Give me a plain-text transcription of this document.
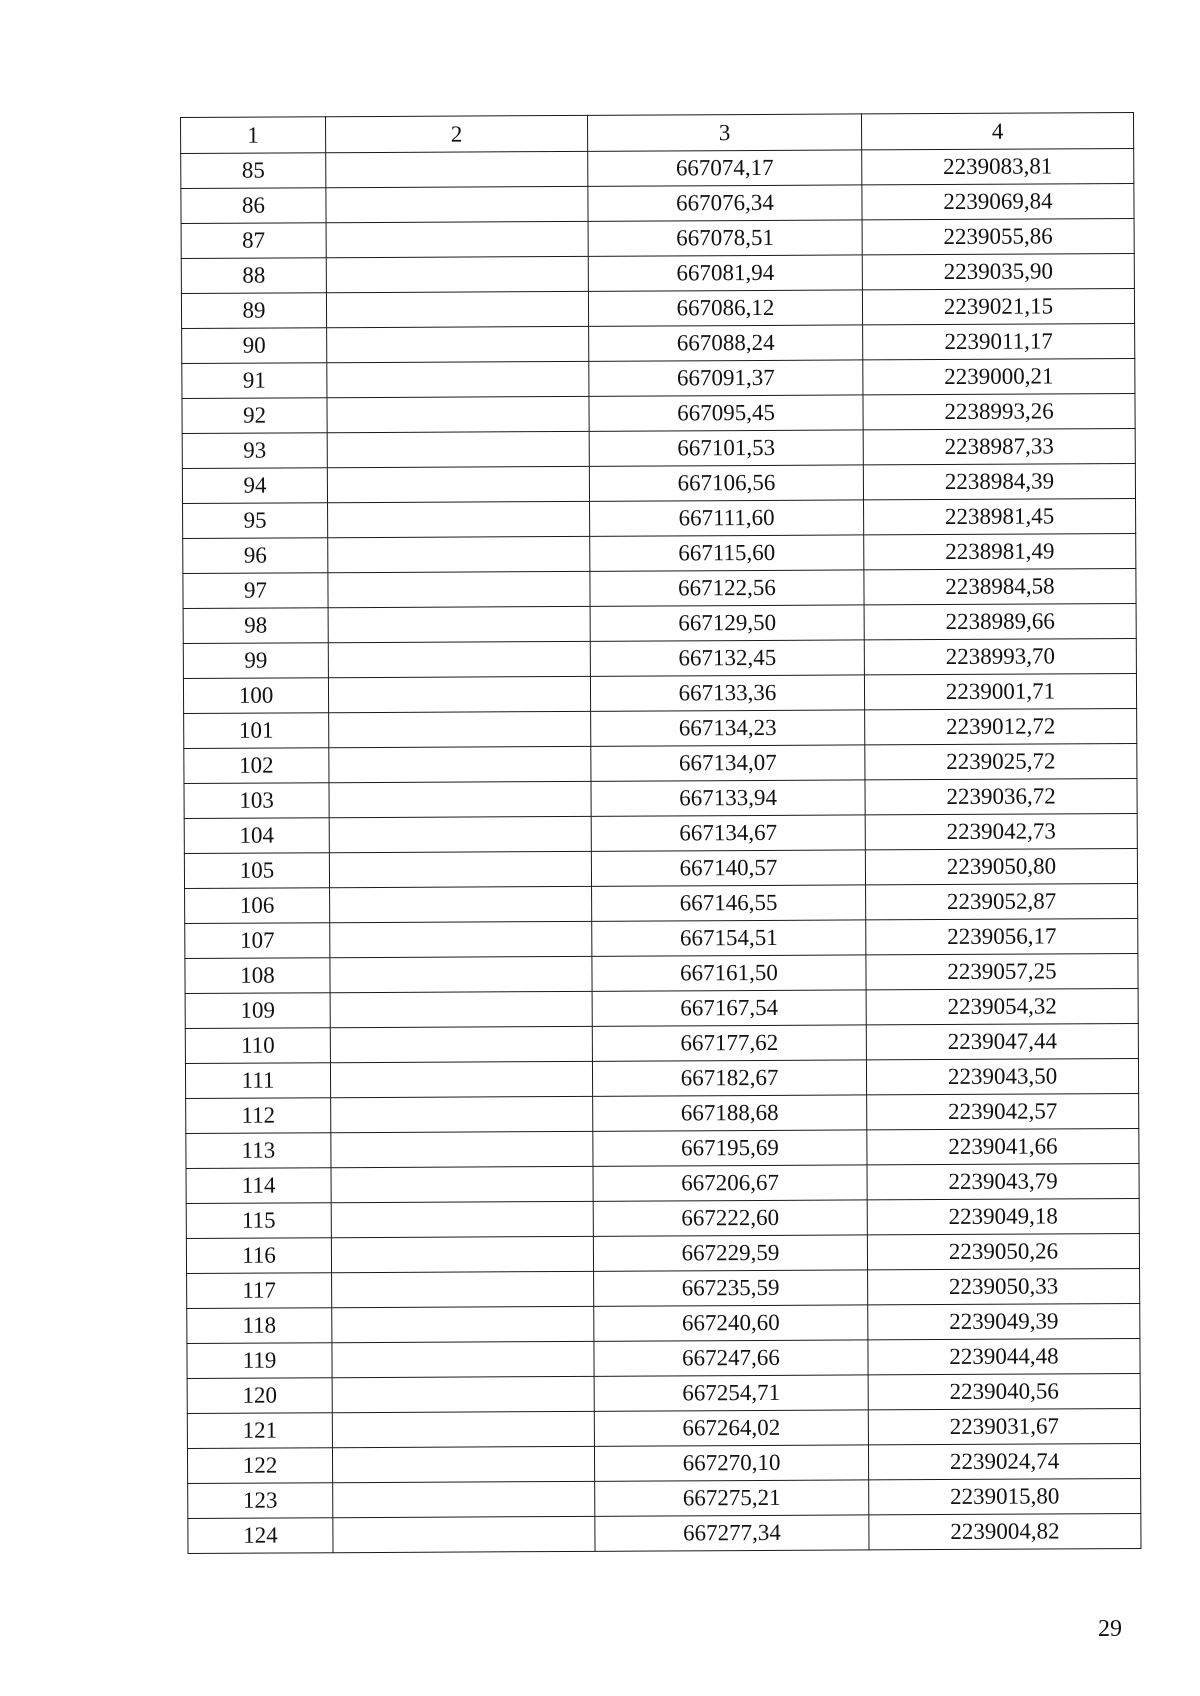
1	2	3	4
85		667074,17	2239083,81
86		667076,34	2239069,84
87		667078,51	2239055,86
88		667081,94	2239035,90
89		667086,12	2239021,15
90		667088,24	2239011,17
91		667091,37	2239000,21
92		667095,45	2238993,26
93		667101,53	2238987,33
94		667106,56	2238984,39
95		667111,60	2238981,45
96		667115,60	2238981,49
97		667122,56	2238984,58
98		667129,50	2238989,66
99		667132,45	2238993,70
100		667133,36	2239001,71
101		667134,23	2239012,72
102		667134,07	2239025,72
103		667133,94	2239036,72
104		667134,67	2239042,73
105		667140,57	2239050,80
106		667146,55	2239052,87
107		667154,51	2239056,17
108		667161,50	2239057,25
109		667167,54	2239054,32
110		667177,62	2239047,44
111		667182,67	2239043,50
112		667188,68	2239042,57
113		667195,69	2239041,66
114		667206,67	2239043,79
115		667222,60	2239049,18
116		667229,59	2239050,26
117		667235,59	2239050,33
118		667240,60	2239049,39
119		667247,66	2239044,48
120		667254,71	2239040,56
121		667264,02	2239031,67
122		667270,10	2239024,74
123		667275,21	2239015,80
124		667277,34	2239004,82
29
